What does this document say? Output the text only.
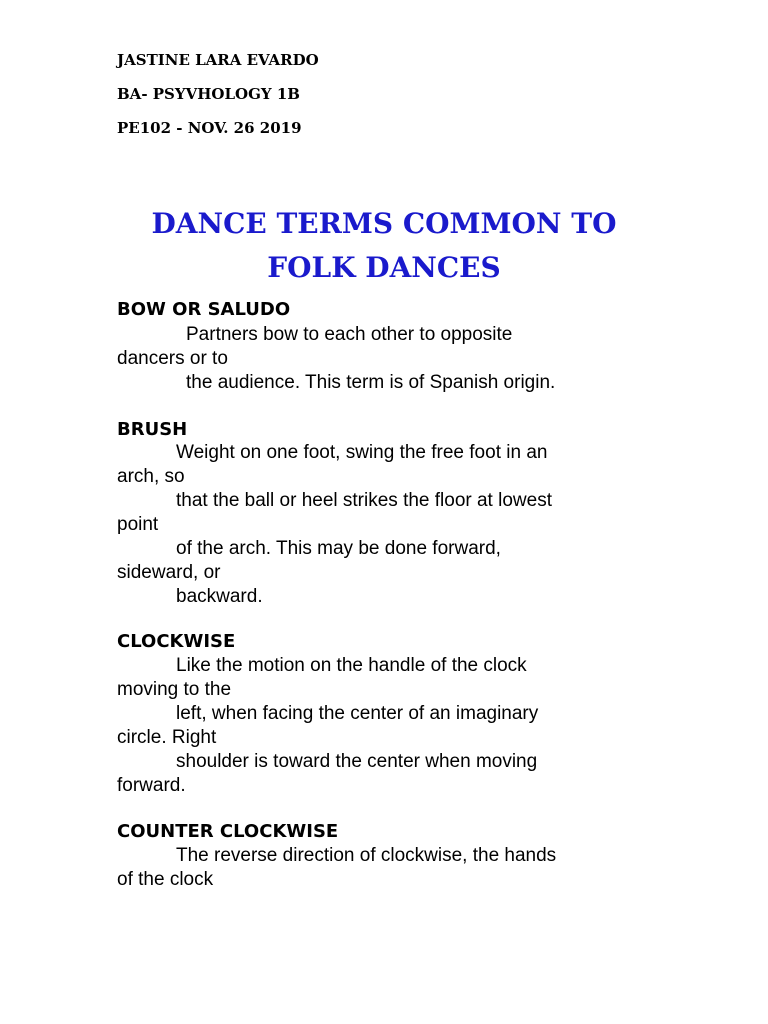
JASTINE LARA EVARDO
BA- PSYVHOLOGY 1B
PE102 - NOV. 26 2019
DANCE TERMS COMMON TO
FOLK DANCES
BOW OR SALUDO
Partners bow to each other to opposite
dancers or to
the audience. This term is of Spanish origin.
BRUSH
Weight on one foot, swing the free foot in an
arch, so
that the ball or heel strikes the floor at lowest
point
of the arch. This may be done forward,
sideward, or
backward.
CLOCKWISE
Like the motion on the handle of the clock
moving to the
left, when facing the center of an imaginary
circle. Right
shoulder is toward the center when moving
forward.
COUNTER CLOCKWISE
The reverse direction of clockwise, the hands
of the clock
